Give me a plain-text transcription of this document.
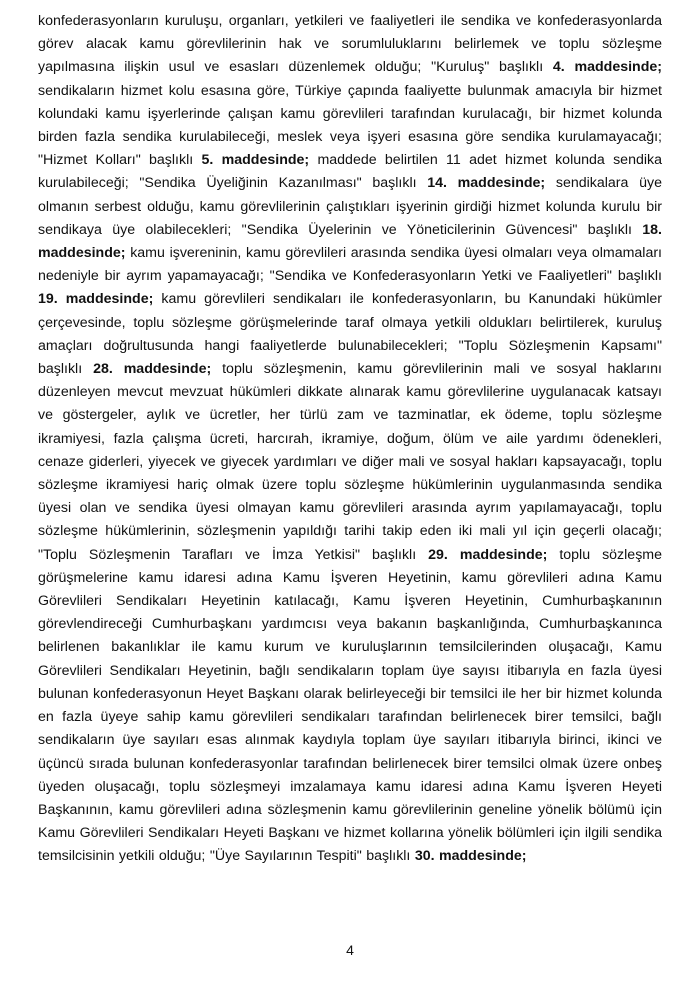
konfederasyonların kuruluşu, organları, yetkileri ve faaliyetleri ile sendika ve konfederasyonlarda görev alacak kamu görevlilerinin hak ve sorumluluklarını belirlemek ve toplu sözleşme yapılmasına ilişkin usul ve esasları düzenlemek olduğu; "Kuruluş" başlıklı 4. maddesinde; sendikaların hizmet kolu esasına göre, Türkiye çapında faaliyette bulunmak amacıyla bir hizmet kolundaki kamu işyerlerinde çalışan kamu görevlileri tarafından kurulacağı, bir hizmet kolunda birden fazla sendika kurulabileceği, meslek veya işyeri esasına göre sendika kurulamayacağı; "Hizmet Kolları" başlıklı 5. maddesinde; maddede belirtilen 11 adet hizmet kolunda sendika kurulabileceği; "Sendika Üyeliğinin Kazanılması" başlıklı 14. maddesinde; sendikalara üye olmanın serbest olduğu, kamu görevlilerinin çalıştıkları işyerinin girdiği hizmet kolunda kurulu bir sendikaya üye olabilecekleri; "Sendika Üyelerinin ve Yöneticilerinin Güvencesi" başlıklı 18. maddesinde; kamu işvereninin, kamu görevlileri arasında sendika üyesi olmaları veya olmamaları nedeniyle bir ayrım yapamayacağı; "Sendika ve Konfederasyonların Yetki ve Faaliyetleri" başlıklı 19. maddesinde; kamu görevlileri sendikaları ile konfederasyonların, bu Kanundaki hükümler çerçevesinde, toplu sözleşme görüşmelerinde taraf olmaya yetkili oldukları belirtilerek, kuruluş amaçları doğrultusunda hangi faaliyetlerde bulunabilecekleri; "Toplu Sözleşmenin Kapsamı" başlıklı 28. maddesinde; toplu sözleşmenin, kamu görevlilerinin mali ve sosyal haklarını düzenleyen mevcut mevzuat hükümleri dikkate alınarak kamu görevlilerine uygulanacak katsayı ve göstergeler, aylık ve ücretler, her türlü zam ve tazminatlar, ek ödeme, toplu sözleşme ikramiyesi, fazla çalışma ücreti, harcırah, ikramiye, doğum, ölüm ve aile yardımı ödenekleri, cenaze giderleri, yiyecek ve giyecek yardımları ve diğer mali ve sosyal hakları kapsayacağı, toplu sözleşme ikramiyesi hariç olmak üzere toplu sözleşme hükümlerinin uygulanmasında sendika üyesi olan ve sendika üyesi olmayan kamu görevlileri arasında ayrım yapılamayacağı, toplu sözleşme hükümlerinin, sözleşmenin yapıldığı tarihi takip eden iki mali yıl için geçerli olacağı; "Toplu Sözleşmenin Tarafları ve İmza Yetkisi" başlıklı 29. maddesinde; toplu sözleşme görüşmelerine kamu idaresi adına Kamu İşveren Heyetinin, kamu görevlileri adına Kamu Görevlileri Sendikaları Heyetinin katılacağı, Kamu İşveren Heyetinin, Cumhurbaşkanının görevlendireceği Cumhurbaşkanı yardımcısı veya bakanın başkanlığında, Cumhurbaşkanınca belirlenen bakanlıklar ile kamu kurum ve kuruluşlarının temsilcilerinden oluşacağı, Kamu Görevlileri Sendikaları Heyetinin, bağlı sendikaların toplam üye sayısı itibarıyla en fazla üyesi bulunan konfederasyonun Heyet Başkanı olarak belirleyeceği bir temsilci ile her bir hizmet kolunda en fazla üyeye sahip kamu görevlileri sendikaları tarafından belirlenecek birer temsilci, bağlı sendikaların üye sayıları esas alınmak kaydıyla toplam üye sayıları itibarıyla birinci, ikinci ve üçüncü sırada bulunan konfederasyonlar tarafından belirlenecek birer temsilci olmak üzere onbeş üyeden oluşacağı, toplu sözleşmeyi imzalamaya kamu idaresi adına Kamu İşveren Heyeti Başkanının, kamu görevlileri adına sözleşmenin kamu görevlilerinin geneline yönelik bölümü için Kamu Görevlileri Sendikaları Heyeti Başkanı ve hizmet kollarına yönelik bölümleri için ilgili sendika temsilcisinin yetkili olduğu; "Üye Sayılarının Tespiti" başlıklı 30. maddesinde;

4
